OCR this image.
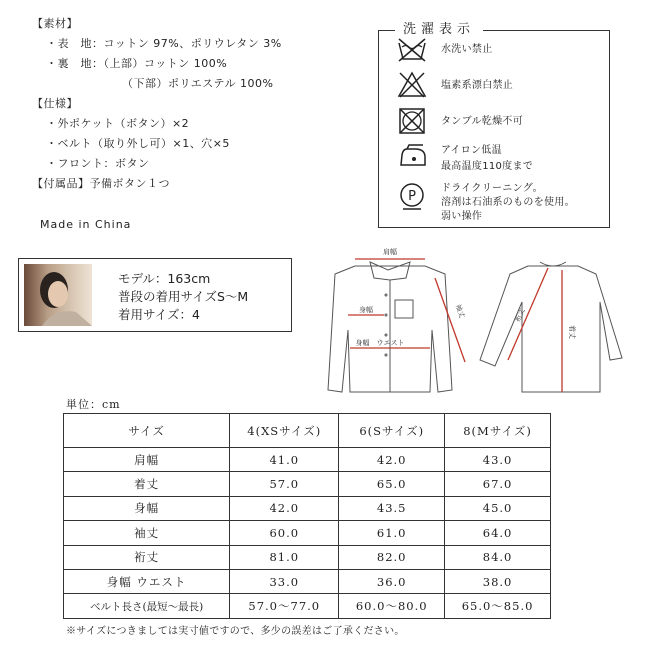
【素材】
・表　地：コットン 97%、ポリウレタン 3%
・裏　地：（上部）コットン 100%
（下部）ポリエステル 100%
【仕様】
・外ポケット（ボタン）×2
・ベルト（取り外し可）×1、穴×5
・フロント：ボタン
【付属品】予備ボタン１つ
水洗い禁止
塩素系漂白禁止
タンブル乾燥不可
アイロン低温
最高温度110度まで
P
ドライクリーニング。
溶剤は石油系のものを使用。
弱い操作
洗濯表示
Made in China
モデル：163cm
普段の着用サイズS〜M
着用サイズ：4
肩幅
身幅
身幅　ウエスト
袖丈	裄丈
着丈
単位：cm
サイズ	4(XSサイズ)	6(Sサイズ)	8(Mサイズ)
肩幅	41.0	42.0	43.0
着丈	57.0	65.0	67.0
身幅	42.0	43.5	45.0
袖丈	60.0	61.0	64.0
裄丈	81.0	82.0	84.0
身幅 ウエスト	33.0	36.0	38.0
ベルト長さ(最短〜最長)	57.0〜77.0	60.0〜80.0	65.0〜85.0
※サイズにつきましては実寸値ですので、多少の誤差はご了承ください。
